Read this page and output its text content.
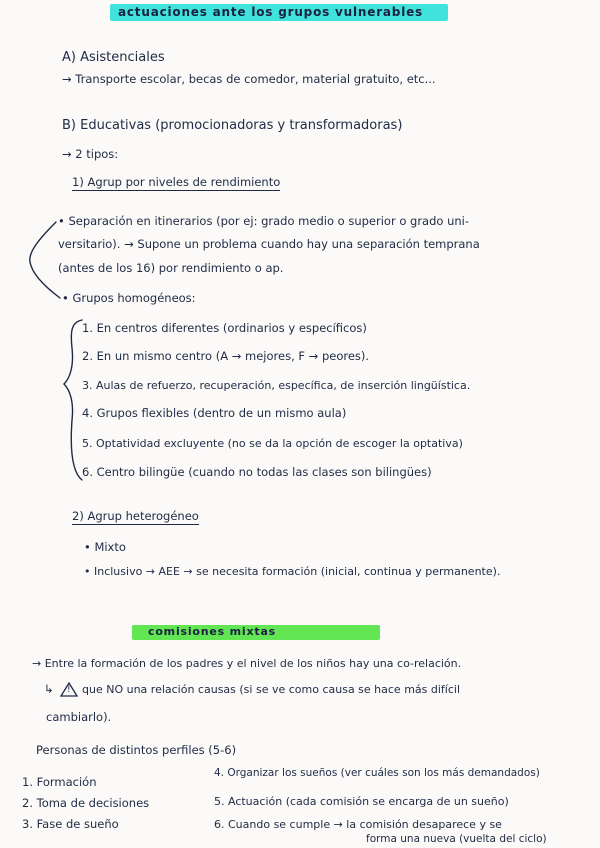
actuaciones ante los grupos vulnerables
A) Asistenciales
→ Transporte escolar, becas de comedor, material gratuito, etc...
B) Educativas (promocionadoras y transformadoras)
→ 2 tipos:
1) Agrup por niveles de rendimiento
• Separación en itinerarios (por ej: grado medio o superior o grado uni-
versitario). → Supone un problema cuando hay una separación temprana
(antes de los 16) por rendimiento o ap.
• Grupos homogéneos:
1. En centros diferentes (ordinarios y específicos)
2. En un mismo centro (A → mejores, F → peores).
3. Aulas de refuerzo, recuperación, específica, de inserción lingüística.
4. Grupos flexibles (dentro de un mismo aula)
5. Optatividad excluyente (no se da la opción de escoger la optativa)
6. Centro bilingüe (cuando no todas las clases son bilingües)
2) Agrup heterogéneo
• Mixto
• Inclusivo → AEE → se necesita formación (inicial, continua y permanente).
comisiones mixtas
→ Entre la formación de los padres y el nivel de los niños hay una co-relación.
↳ ! que NO una relación causas (si se ve como causa se hace más difícil
cambiarlo).
Personas de distintos perfiles (5-6)
1. Formación
2. Toma de decisiones
3. Fase de sueño
4. Organizar los sueños (ver cuáles son los más demandados)
5. Actuación (cada comisión se encarga de un sueño)
6. Cuando se cumple → la comisión desaparece y se
forma una nueva (vuelta del ciclo)
